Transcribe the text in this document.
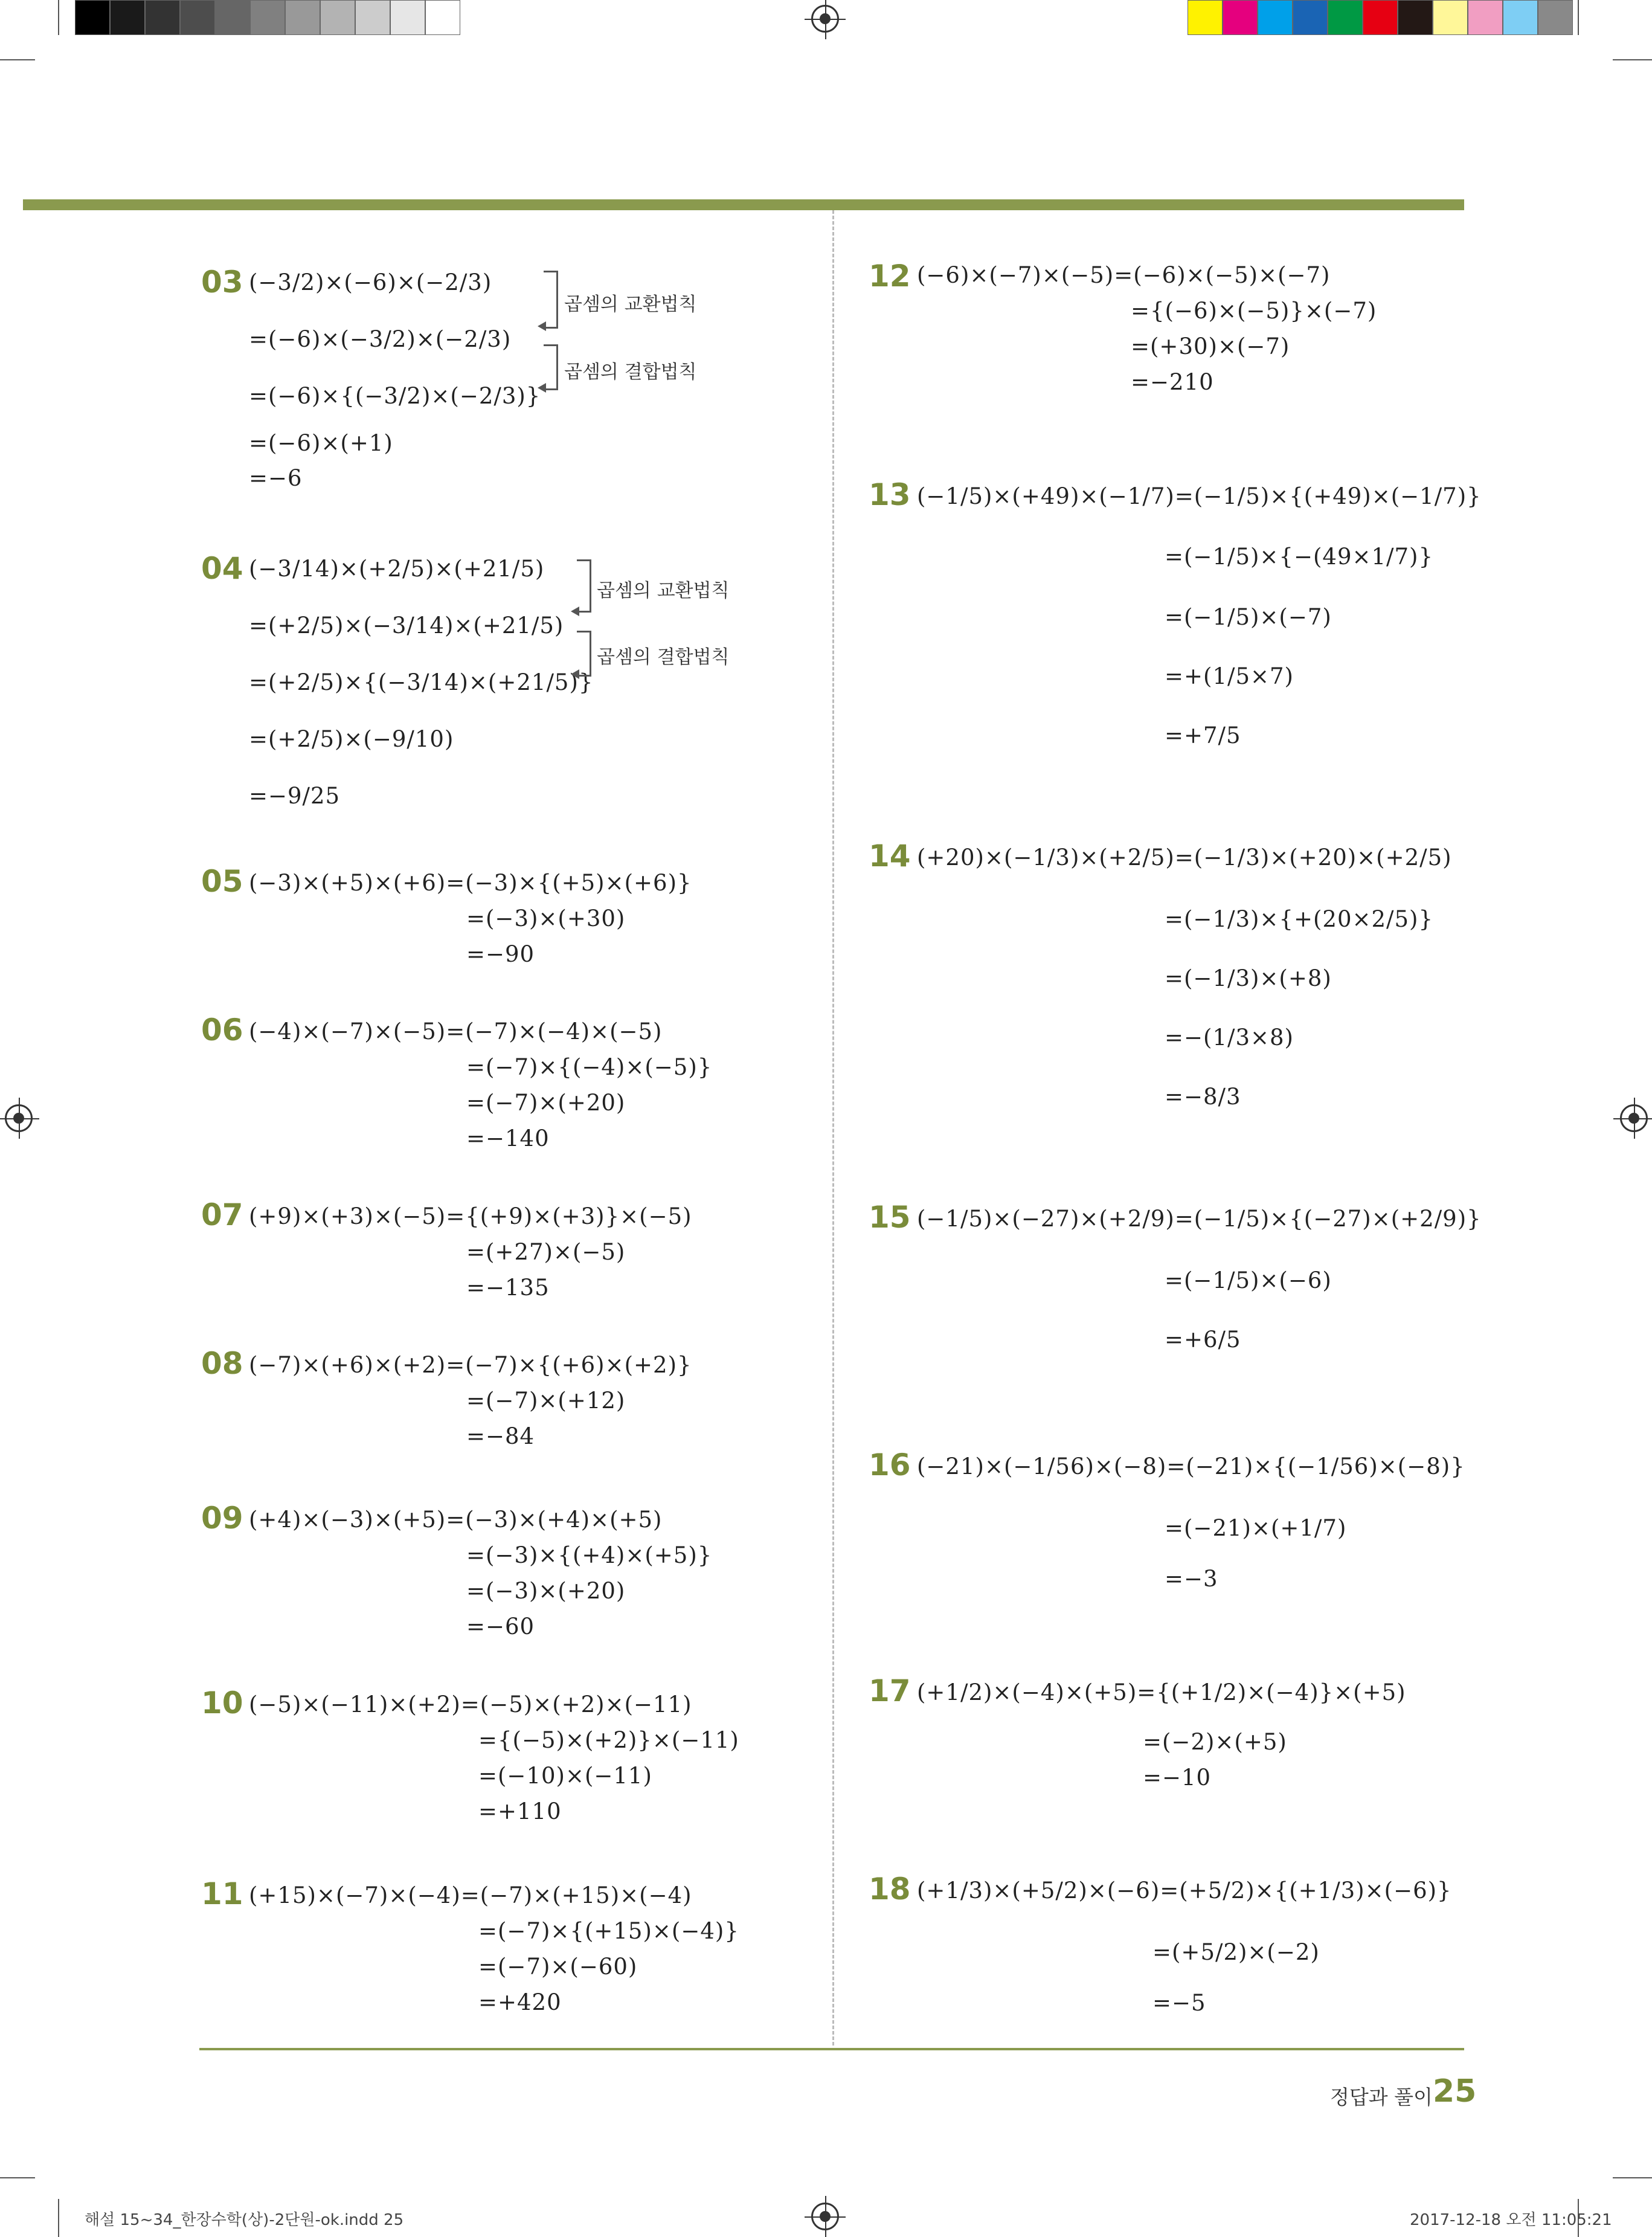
03 (−3/2)×(−6)×(−2/3)
=(−6)×(−3/2)×(−2/3)
=(−6)×{(−3/2)×(−2/3)}
=(−6)×(+1)
=−6
곱셈의 교환법칙
곱셈의 결합법칙
04 (−3/14)×(+2/5)×(+21/5)
=(+2/5)×(−3/14)×(+21/5)
=(+2/5)×{(−3/14)×(+21/5)}
=(+2/5)×(−9/10)
=−9/25
곱셈의 교환법칙
곱셈의 결합법칙
05 (−3)×(+5)×(+6)=(−3)×{(+5)×(+6)}
=(−3)×(+30)
=−90
06 (−4)×(−7)×(−5)=(−7)×(−4)×(−5)
=(−7)×{(−4)×(−5)}
=(−7)×(+20)
=−140
07 (+9)×(+3)×(−5)={(+9)×(+3)}×(−5)
=(+27)×(−5)
=−135
08 (−7)×(+6)×(+2)=(−7)×{(+6)×(+2)}
=(−7)×(+12)
=−84
09 (+4)×(−3)×(+5)=(−3)×(+4)×(+5)
=(−3)×{(+4)×(+5)}
=(−3)×(+20)
=−60
10 (−5)×(−11)×(+2)=(−5)×(+2)×(−11)
={(−5)×(+2)}×(−11)
=(−10)×(−11)
=+110
11 (+15)×(−7)×(−4)=(−7)×(+15)×(−4)
=(−7)×{(+15)×(−4)}
=(−7)×(−60)
=+420
12 (−6)×(−7)×(−5)=(−6)×(−5)×(−7)
={(−6)×(−5)}×(−7)
=(+30)×(−7)
=−210
13 (−1/5)×(+49)×(−1/7)=(−1/5)×{(+49)×(−1/7)}
=(−1/5)×{−(49×1/7)}
=(−1/5)×(−7)
=+(1/5×7)
=+7/5
14 (+20)×(−1/3)×(+2/5)=(−1/3)×(+20)×(+2/5)
=(−1/3)×{+(20×2/5)}
=(−1/3)×(+8)
=−(1/3×8)
=−8/3
15 (−1/5)×(−27)×(+2/9)=(−1/5)×{(−27)×(+2/9)}
=(−1/5)×(−6)
=+6/5
16 (−21)×(−1/56)×(−8)=(−21)×{(−1/56)×(−8)}
=(−21)×(+1/7)
=−3
17 (+1/2)×(−4)×(+5)={(+1/2)×(−4)}×(+5)
=(−2)×(+5)
=−10
18 (+1/3)×(+5/2)×(−6)=(+5/2)×{(+1/3)×(−6)}
=(+5/2)×(−2)
=−5
정답과 풀이 25
해설 15~34_한장수학(상)-2단원-ok.indd 25	2017-12-18 오전 11:05:21
